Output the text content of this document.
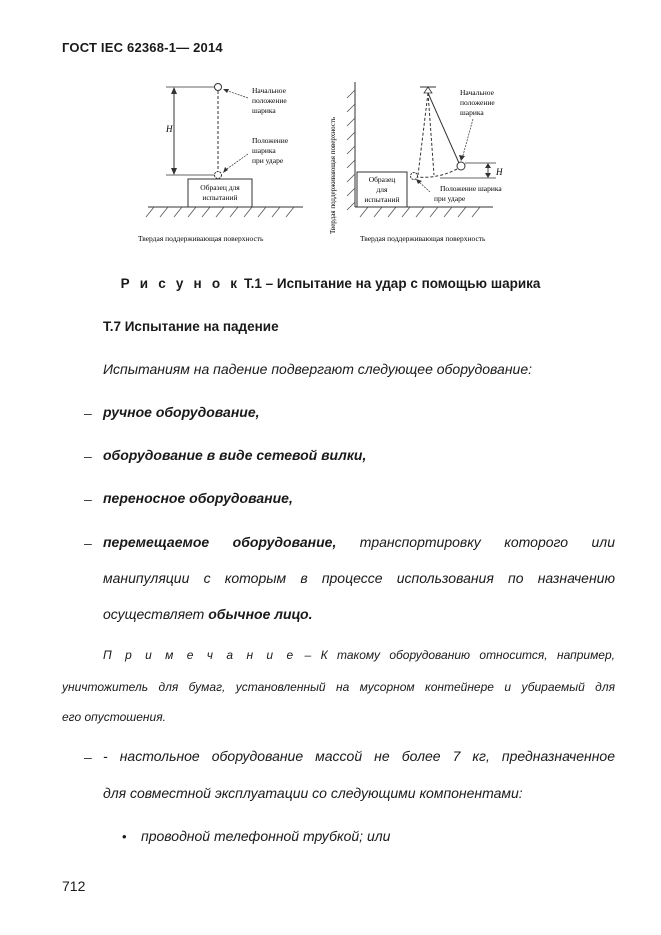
ГОСТ IEC 62368-1— 2014
Образец для
испытаний
H
Начальное
положение
шарика
Положение
шарика
при ударе
Твердая поддерживающая поверхность
Твердая поддерживающая поверхность	Образец
для
испытаний
H
Начальное
положение
шарика
Положение шарика
при ударе
Твердая поддерживающая поверхность
Р и с у н о к Т.1 – Испытание на удар с помощью шарика
Т.7 Испытание на падение
Испытаниям на падение подвергают следующее оборудование:
– ручное оборудование,
– оборудование в виде сетевой вилки,
– переносное оборудование,
– перемещаемое оборудование, транспортировку которого или
манипуляции с которым в процессе использования по назначению
осуществляет обычное лицо.
П р и м е ч а н и е – К такому оборудованию относится, например,
уничтожитель для бумаг, установленный на мусорном контейнере и убираемый для
его опустошения.
– - настольное оборудование массой не более 7 кг, предназначенное
для совместной эксплуатации со следующими компонентами:
• проводной телефонной трубкой; или
712
